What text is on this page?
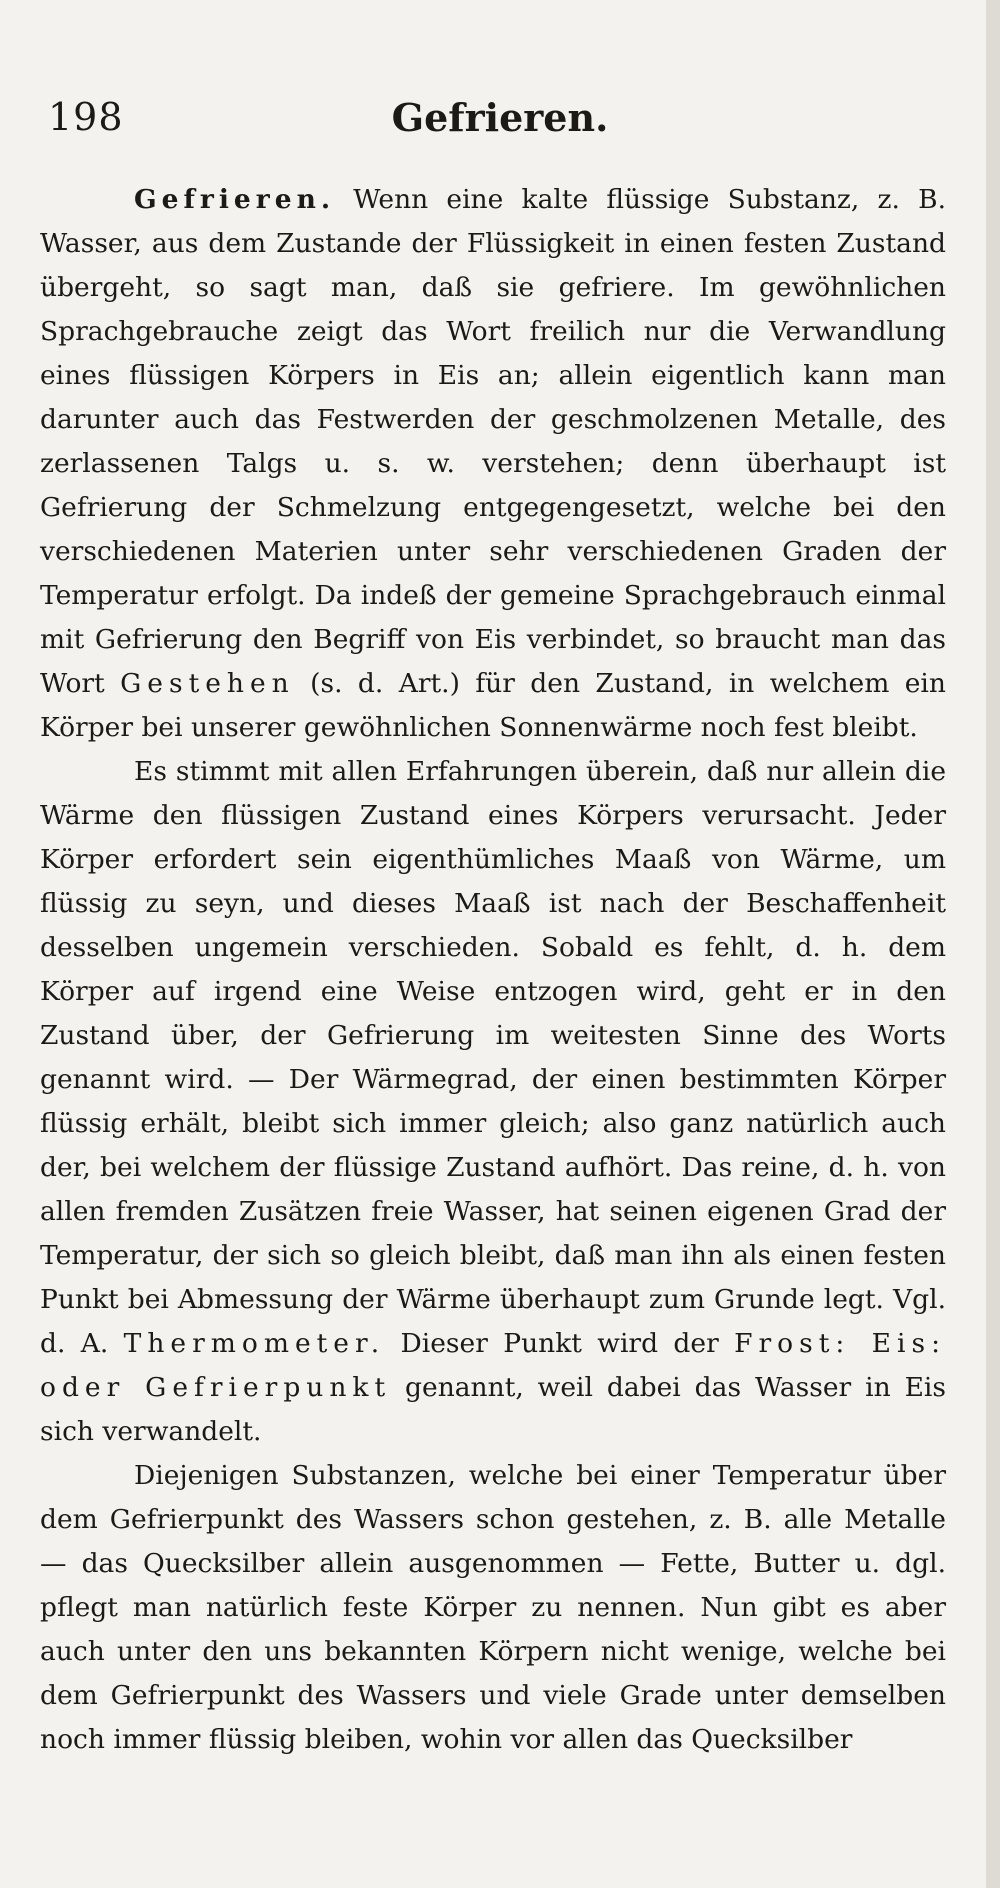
198	Gefrieren.

Gefrieren. Wenn eine kalte flüssige Substanz, z. B. Wasser, aus dem Zustande der Flüssigkeit in einen festen Zustand übergeht, so sagt man, daß sie gefriere. Im gewöhnlichen Sprachgebrauche zeigt das Wort freilich nur die Verwandlung eines flüssigen Körpers in Eis an; allein eigentlich kann man darunter auch das Festwerden der geschmolzenen Metalle, des zerlassenen Talgs u. s. w. verstehen; denn überhaupt ist Gefrierung der Schmelzung entgegengesetzt, welche bei den verschiedenen Materien unter sehr verschiedenen Graden der Temperatur erfolgt. Da indeß der gemeine Sprachgebrauch einmal mit Gefrierung den Begriff von Eis verbindet, so braucht man das Wort Gestehen (s. d. Art.) für den Zustand, in welchem ein Körper bei unserer gewöhnlichen Sonnenwärme noch fest bleibt.

Es stimmt mit allen Erfahrungen überein, daß nur allein die Wärme den flüssigen Zustand eines Körpers verursacht. Jeder Körper erfordert sein eigenthümliches Maaß von Wärme, um flüssig zu seyn, und dieses Maaß ist nach der Beschaffenheit desselben ungemein verschieden. Sobald es fehlt, d. h. dem Körper auf irgend eine Weise entzogen wird, geht er in den Zustand über, der Gefrierung im weitesten Sinne des Worts genannt wird. — Der Wärmegrad, der einen bestimmten Körper flüssig erhält, bleibt sich immer gleich; also ganz natürlich auch der, bei welchem der flüssige Zustand aufhört. Das reine, d. h. von allen fremden Zusätzen freie Wasser, hat seinen eigenen Grad der Temperatur, der sich so gleich bleibt, daß man ihn als einen festen Punkt bei Abmessung der Wärme überhaupt zum Grunde legt. Vgl. d. A. Thermometer. Dieser Punkt wird der Frost: Eis: oder Gefrierpunkt genannt, weil dabei das Wasser in Eis sich verwandelt.

Diejenigen Substanzen, welche bei einer Temperatur über dem Gefrierpunkt des Wassers schon gestehen, z. B. alle Metalle — das Quecksilber allein ausgenommen — Fette, Butter u. dgl. pflegt man natürlich feste Körper zu nennen. Nun gibt es aber auch unter den uns bekannten Körpern nicht wenige, welche bei dem Gefrierpunkt des Wassers und viele Grade unter demselben noch immer flüssig bleiben, wohin vor allen das Quecksilber
